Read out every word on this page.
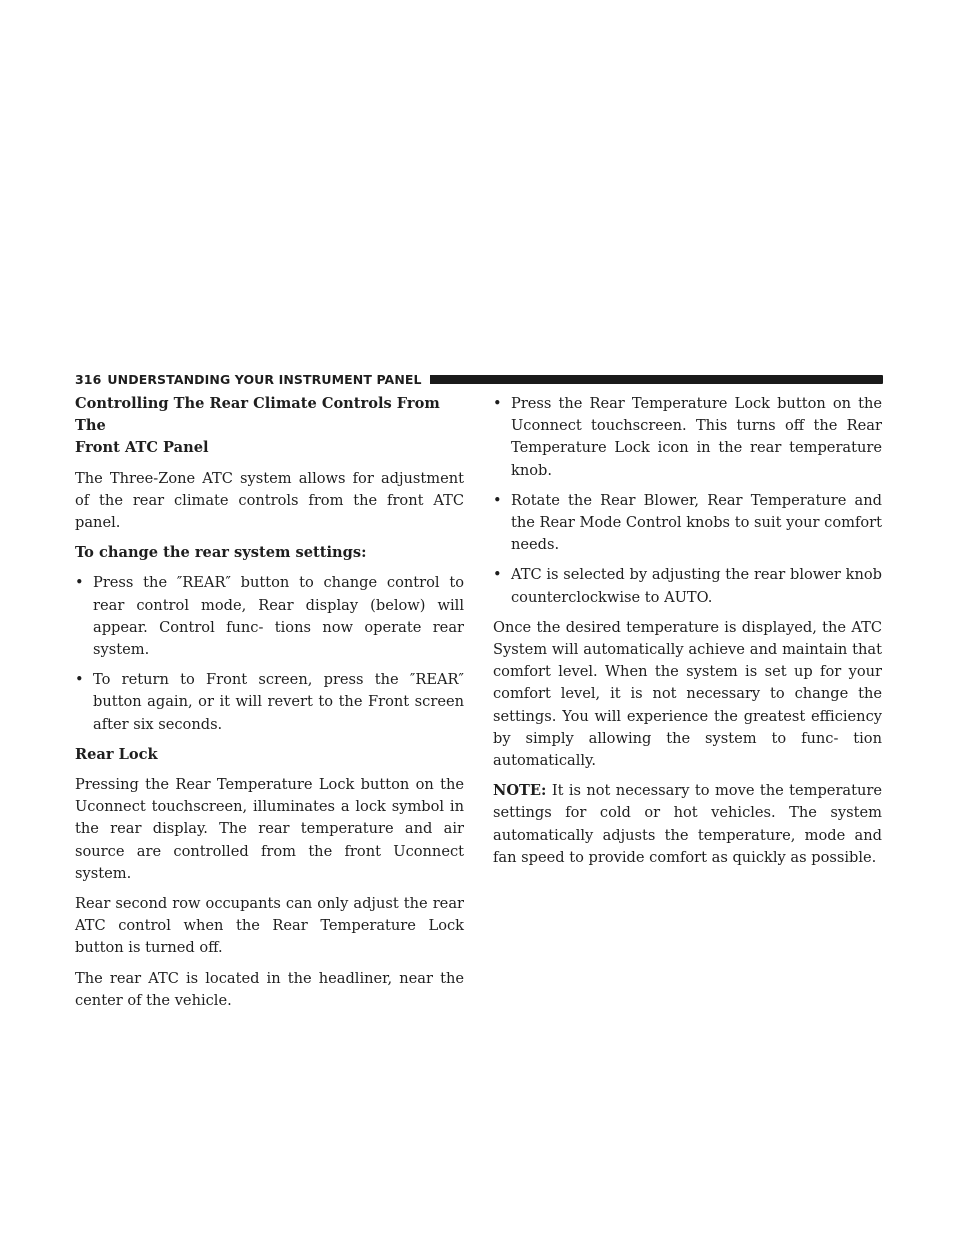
316 UNDERSTANDING YOUR INSTRUMENT PANEL
Controlling The Rear Climate Controls From The
Front ATC Panel

The Three-Zone ATC system allows for adjustment of the rear climate controls from the front ATC panel.

To change the rear system settings:
• Press the ″REAR″ button to change control to rear control mode, Rear display (below) will appear. Control func- tions now operate rear system.
• To return to Front screen, press the ″REAR″ button again, or it will revert to the Front screen after six seconds.
Rear Lock

Pressing the Rear Temperature Lock button on the Uconnect touchscreen, illuminates a lock symbol in the rear display. The rear temperature and air source are controlled from the front Uconnect system.

Rear second row occupants can only adjust the rear ATC control when the Rear Temperature Lock button is turned off.

The rear ATC is located in the headliner, near the center of the vehicle.

• Press the Rear Temperature Lock button on the Uconnect touchscreen. This turns off the Rear Temperature Lock icon in the rear temperature knob.
• Rotate the Rear Blower, Rear Temperature and the Rear Mode Control knobs to suit your comfort needs.
• ATC is selected by adjusting the rear blower knob counterclockwise to AUTO.

Once the desired temperature is displayed, the ATC System will automatically achieve and maintain that comfort level. When the system is set up for your comfort level, it is not necessary to change the settings. You will experience the greatest efficiency by simply allowing the system to func- tion automatically.

NOTE: It is not necessary to move the temperature settings for cold or hot vehicles. The system automatically adjusts the temperature, mode and fan speed to provide comfort as quickly as possible.
